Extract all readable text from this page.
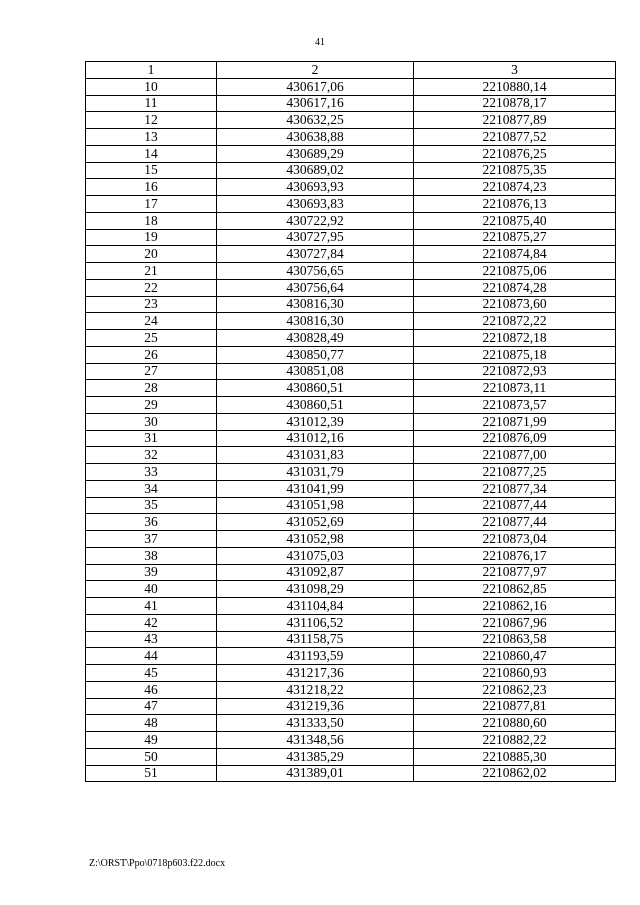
41
1	2	3
10	430617,06	2210880,14
11	430617,16	2210878,17
12	430632,25	2210877,89
13	430638,88	2210877,52
14	430689,29	2210876,25
15	430689,02	2210875,35
16	430693,93	2210874,23
17	430693,83	2210876,13
18	430722,92	2210875,40
19	430727,95	2210875,27
20	430727,84	2210874,84
21	430756,65	2210875,06
22	430756,64	2210874,28
23	430816,30	2210873,60
24	430816,30	2210872,22
25	430828,49	2210872,18
26	430850,77	2210875,18
27	430851,08	2210872,93
28	430860,51	2210873,11
29	430860,51	2210873,57
30	431012,39	2210871,99
31	431012,16	2210876,09
32	431031,83	2210877,00
33	431031,79	2210877,25
34	431041,99	2210877,34
35	431051,98	2210877,44
36	431052,69	2210877,44
37	431052,98	2210873,04
38	431075,03	2210876,17
39	431092,87	2210877,97
40	431098,29	2210862,85
41	431104,84	2210862,16
42	431106,52	2210867,96
43	431158,75	2210863,58
44	431193,59	2210860,47
45	431217,36	2210860,93
46	431218,22	2210862,23
47	431219,36	2210877,81
48	431333,50	2210880,60
49	431348,56	2210882,22
50	431385,29	2210885,30
51	431389,01	2210862,02
Z:\ORST\Ppo\0718p603.f22.docx
